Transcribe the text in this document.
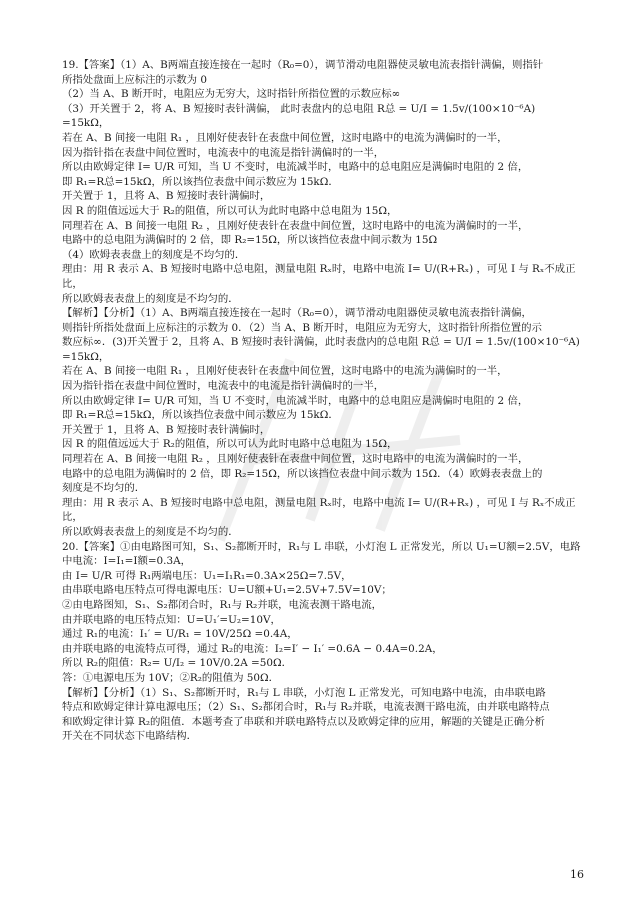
19.【答案】（1）A、B两端直接连接在一起时（R₀=0），调节滑动电阻器使灵敏电流表指针满偏，则指针

所指处盘面上应标注的示数为 0

（2）当 A、B 断开时，电阻应为无穷大，这时指针所指位置的示数应标∞

（3）开关置于 2，将 A、B 短接时表针满偏， 此时表盘内的总电阻 R总 = U/I = 1.5v/(100×10⁻⁶A) =15kΩ，

若在 A、B 间接一电阻 R₁ ，且刚好使表针在表盘中间位置，这时电路中的电流为满偏时的一半，

因为指针指在表盘中间位置时，电流表中的电流是指针满偏时的一半，

所以由欧姆定律 I= U/R 可知，当 U 不变时，电流减半时，电路中的总电阻应是满偏时电阻的 2 倍，

即 R₁=R总=15kΩ，所以该挡位表盘中间示数应为 15kΩ．

开关置于 1，且将 A、B 短接时表针满偏时，

因 R 的阻值远远大于 R₂的阻值，所以可认为此时电路中总电阻为 15Ω，

同理若在 A、B 间接一电阻 R₂ ，且刚好使表针在表盘中间位置，这时电路中的电流为满偏时的一半，

电路中的总电阻为满偏时的 2 倍，即 R₂=15Ω，所以该挡位表盘中间示数为 15Ω

（4）欧姆表表盘上的刻度是不均匀的．

理由：用 R 表示 A、B 短接时电路中总电阻，测量电阻 Rₓ时，电路中电流 I= U/(R+Rₓ) ，可见 I 与 Rₓ不成正比，

所以欧姆表表盘上的刻度是不均匀的．

【解析】【分析】（1）A、B两端直接连接在一起时（R₀=0），调节滑动电阻器使灵敏电流表指针满偏，

则指针所指处盘面上应标注的示数为 0．（2）当 A、B 断开时，电阻应为无穷大，这时指针所指位置的示

数应标∞．(3)开关置于 2，且将 A、B 短接时表针满偏，此时表盘内的总电阻 R总 = U/I = 1.5v/(100×10⁻⁶A) =15kΩ，

若在 A、B 间接一电阻 R₁ ，且刚好使表针在表盘中间位置，这时电路中的电流为满偏时的一半，

因为指针指在表盘中间位置时，电流表中的电流是指针满偏时的一半，

所以由欧姆定律 I= U/R 可知，当 U 不变时，电流减半时，电路中的总电阻应是满偏时电阻的 2 倍，

即 R₁=R总=15kΩ，所以该挡位表盘中间示数应为 15kΩ．

开关置于 1，且将 A、B 短接时表针满偏时，

因 R 的阻值远远大于 R₂的阻值，所以可认为此时电路中总电阻为 15Ω，

同理若在 A、B 间接一电阻 R₂ ，且刚好使表针在表盘中间位置，这时电路中的电流为满偏时的一半，

电路中的总电阻为满偏时的 2 倍，即 R₂=15Ω，所以该挡位表盘中间示数为 15Ω．（4）欧姆表表盘上的

刻度是不均匀的．

理由：用 R 表示 A、B 短接时电路中总电阻，测量电阻 Rₓ时，电路中电流 I= U/(R+Rₓ) ，可见 I 与 Rₓ不成正比，

所以欧姆表表盘上的刻度是不均匀的．

20.【答案】①由电路图可知，S₁、S₂都断开时，R₁与 L 串联，小灯泡 L 正常发光，所以 U₁=U额=2.5V，电路

中电流：I=I₁=I额=0.3A，

由 I= U/R 可得 R₁两端电压：U₁=I₁R₁=0.3A×25Ω=7.5V，

由串联电路电压特点可得电源电压：U=U额+U₁=2.5V+7.5V=10V；

②由电路图知，S₁、S₂都闭合时，R₁与 R₂并联，电流表测干路电流，

由并联电路的电压特点知：U=U₁′=U₂=10V，

通过 R₁的电流：I₁′ = U/R₁ = 10V/25Ω =0.4A，

由并联电路的电流特点可得，通过 R₂的电流：I₂=I′ − I₁′ =0.6A − 0.4A=0.2A，

所以 R₂的阻值：R₂= U/I₂ = 10V/0.2A =50Ω．

答：①电源电压为 10V；②R₂的阻值为 50Ω．

【解析】【分析】（1）S₁、S₂都断开时，R₁与 L 串联，小灯泡 L 正常发光，可知电路中电流，由串联电路

特点和欧姆定律计算电源电压；（2）S₁、S₂都闭合时，R₁与 R₂并联，电流表测干路电流，由并联电路特点

和欧姆定律计算 R₂的阻值．本题考查了串联和并联电路特点以及欧姆定律的应用，解题的关键是正确分析

开关在不同状态下电路结构．

16
